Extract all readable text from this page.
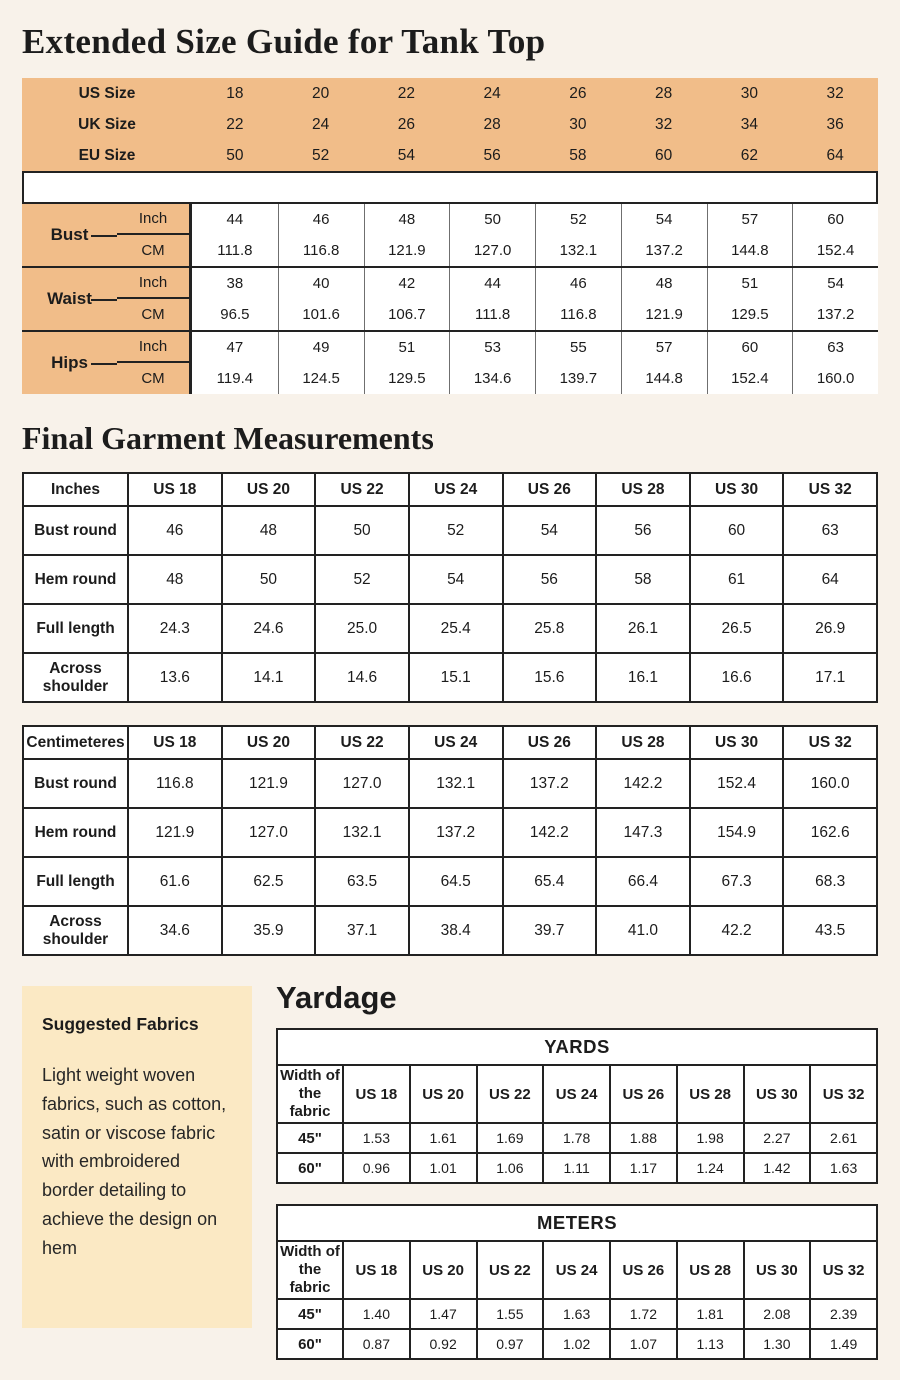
Extended Size Guide for Tank Top
US Size	18	20	22	24	26	28	30	32
UK Size	22	24	26	28	30	32	34	36
EU Size	50	52	54	56	58	60	62	64
Bust
Inch	44	46	48	50	52	54	57	60
CM	111.8	116.8	121.9	127.0	132.1	137.2	144.8	152.4
Waist
Inch	38	40	42	44	46	48	51	54
CM	96.5	101.6	106.7	111.8	116.8	121.9	129.5	137.2
Hips
Inch	47	49	51	53	55	57	60	63
CM	119.4	124.5	129.5	134.6	139.7	144.8	152.4	160.0
Final Garment Measurements
Inches	US 18	US 20	US 22	US 24	US 26	US 28	US 30	US 32
Bust round	46	48	50	52	54	56	60	63
Hem round	48	50	52	54	56	58	61	64
Full length	24.3	24.6	25.0	25.4	25.8	26.1	26.5	26.9
Across shoulder	13.6	14.1	14.6	15.1	15.6	16.1	16.6	17.1
Centimeteres	US 18	US 20	US 22	US 24	US 26	US 28	US 30	US 32
Bust round	116.8	121.9	127.0	132.1	137.2	142.2	152.4	160.0
Hem round	121.9	127.0	132.1	137.2	142.2	147.3	154.9	162.6
Full length	61.6	62.5	63.5	64.5	65.4	66.4	67.3	68.3
Across shoulder	34.6	35.9	37.1	38.4	39.7	41.0	42.2	43.5
Suggested Fabrics

Light weight woven fabrics, such as cotton, satin or viscose fabric with embroidered border detailing to achieve the design on hem

Yardage
YARDS								
Width of the fabric	US 18	US 20	US 22	US 24	US 26	US 28	US 30	US 32
45"	1.53	1.61	1.69	1.78	1.88	1.98	2.27	2.61
60"	0.96	1.01	1.06	1.11	1.17	1.24	1.42	1.63
METERS								
Width of the fabric	US 18	US 20	US 22	US 24	US 26	US 28	US 30	US 32
45"	1.40	1.47	1.55	1.63	1.72	1.81	2.08	2.39
60"	0.87	0.92	0.97	1.02	1.07	1.13	1.30	1.49
